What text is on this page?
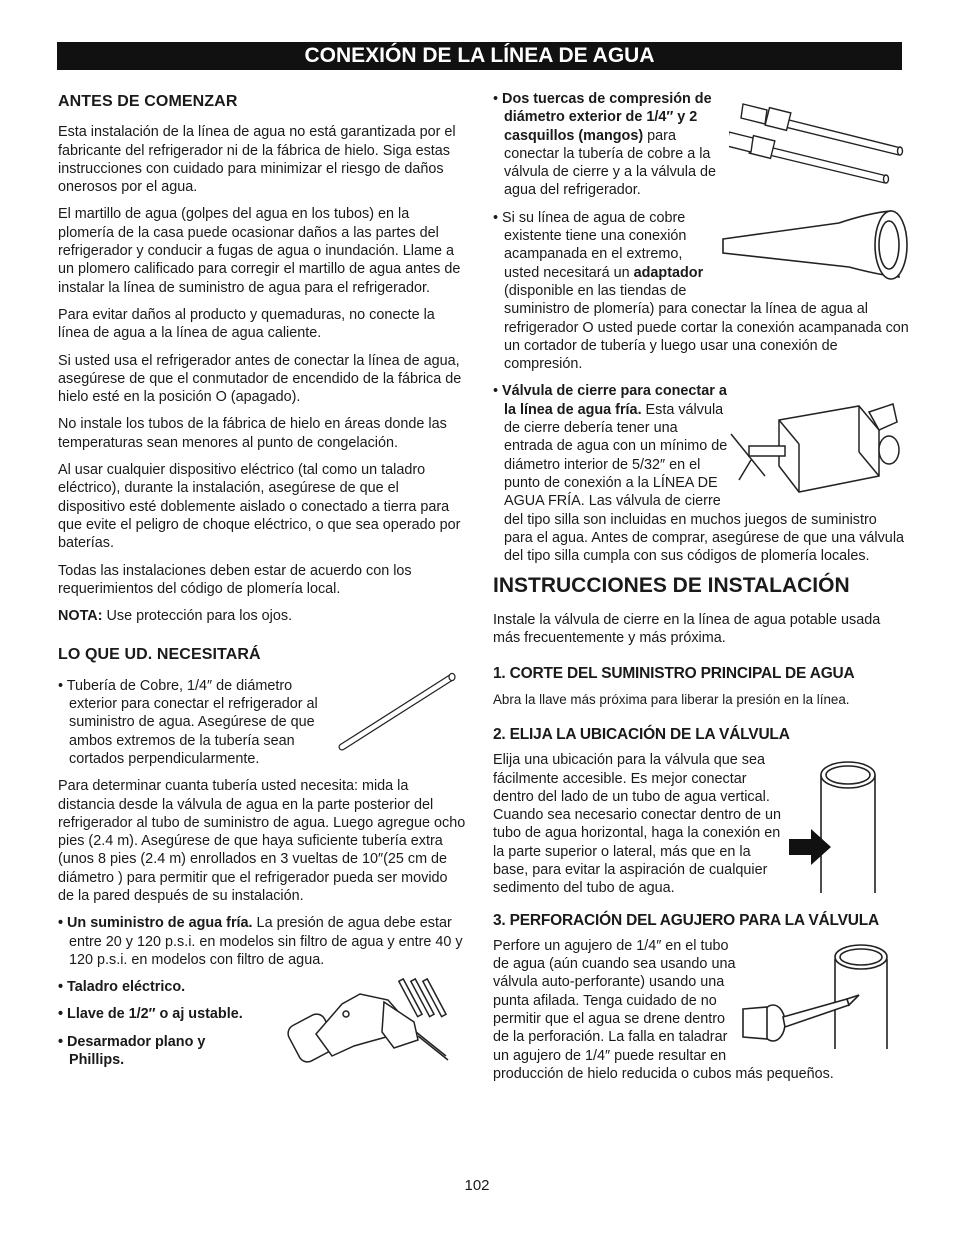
CONEXIÓN DE LA LÍNEA DE AGUA
ANTES DE COMENZAR

Esta instalación de la línea de agua no está garantizada por el fabricante del refrigerador ni de la fábrica de hielo. Siga estas instrucciones con cuidado para minimizar el riesgo de daños onerosos por el agua.

El martillo de agua (golpes del agua en los tubos) en la plomería de la casa puede ocasionar daños a las partes del refrigerador y conducir a fugas de agua o inundación. Llame a un plomero calificado para corregir el martillo de agua antes de instalar la línea de suministro de agua para el refrigerador.

Para evitar daños al producto y quemaduras, no conecte la línea de agua a la línea de agua caliente.

Si usted usa el refrigerador antes de conectar la línea de agua, asegúrese de que el conmutador de encendido de la fábrica de hielo esté en la posición O (apagado).

No instale los tubos de la fábrica de hielo en áreas donde las temperaturas sean menores al punto de congelación.

Al usar cualquier dispositivo eléctrico (tal como un taladro eléctrico), durante la instalación, asegúrese de que el dispositivo esté doblemente aislado o conectado a tierra para que evite el peligro de choque eléctrico, o que sea operado por baterías.

Todas las instalaciones deben estar de acuerdo con los requerimientos del código de plomería local.

NOTA: Use protección para los ojos.

LO QUE UD. NECESITARÁ

• Tubería de Cobre, 1/4″ de diámetro exterior para conectar el refrigerador al suministro de agua. Asegúrese de que ambos extremos de la tubería sean cortados perpendicularmente.

Para determinar cuanta tubería usted necesita: mida la distancia desde la válvula de agua en la parte posterior del refrigerador al tubo de suministro de agua. Luego agregue ocho pies (2.4 m). Asegúrese de que haya suficiente tubería extra (unos 8 pies (2.4 m) enrollados en 3 vueltas de 10″(25 cm de diámetro ) para permitir que el refrigerador pueda ser movido de la pared después de su instalación.

• Un suministro de agua fría. La presión de agua debe estar entre 20 y 120 p.s.i. en modelos sin filtro de agua y entre 40 y 120 p.s.i. en modelos con filtro de agua.

• Taladro eléctrico.

• Llave de 1/2″ o aj ustable.

• Desarmador plano y Phillips.

• Dos tuercas de compresión de diámetro exterior de 1/4″ y 2 casquillos (mangos) para conectar la tubería de cobre a la válvula de cierre y a la válvula de agua del refrigerador.

• Si su línea de agua de cobre existente tiene una conexión acampanada en el extremo, usted necesitará un adaptador (disponible en las tiendas de suministro de plomería) para conectar la línea de agua al refrigerador O usted puede cortar la conexión acampanada con un cortador de tubería y luego usar una conexión de compresión.

• Válvula de cierre para conectar a la línea de agua fría. Esta válvula de cierre debería tener una entrada de agua con un mínimo de diámetro interior de 5/32″ en el punto de conexión a la LÍNEA DE AGUA FRÍA. Las válvula de cierre del tipo silla son incluidas en muchos juegos de suministro para el agua. Antes de comprar, asegúrese de que una válvula del tipo silla cumpla con sus códigos de plomería locales.

INSTRUCCIONES DE INSTALACIÓN

Instale la válvula de cierre en la línea de agua potable usada más frecuentemente y más próxima.

1. CORTE DEL SUMINISTRO PRINCIPAL DE AGUA

Abra la llave más próxima para liberar la presión en la línea.

2. ELIJA LA UBICACIÓN DE LA VÁLVULA

Elija una ubicación para la válvula que sea fácilmente accesible. Es mejor conectar dentro del lado de un tubo de agua vertical. Cuando sea necesario conectar dentro de un tubo de agua horizontal, haga la conexión en la parte superior o lateral, más que en la base, para evitar la aspiración de cualquier sedimento del tubo de agua.

3. PERFORACIÓN DEL AGUJERO PARA LA VÁLVULA

Perfore un agujero de 1/4″ en el tubo de agua (aún cuando sea usando una válvula auto-perforante) usando una punta afilada. Tenga cuidado de no permitir que el agua se drene dentro de la perforación. La falla en taladrar un agujero de 1/4″ puede resultar en producción de hielo reducida o cubos más pequeños.

102
